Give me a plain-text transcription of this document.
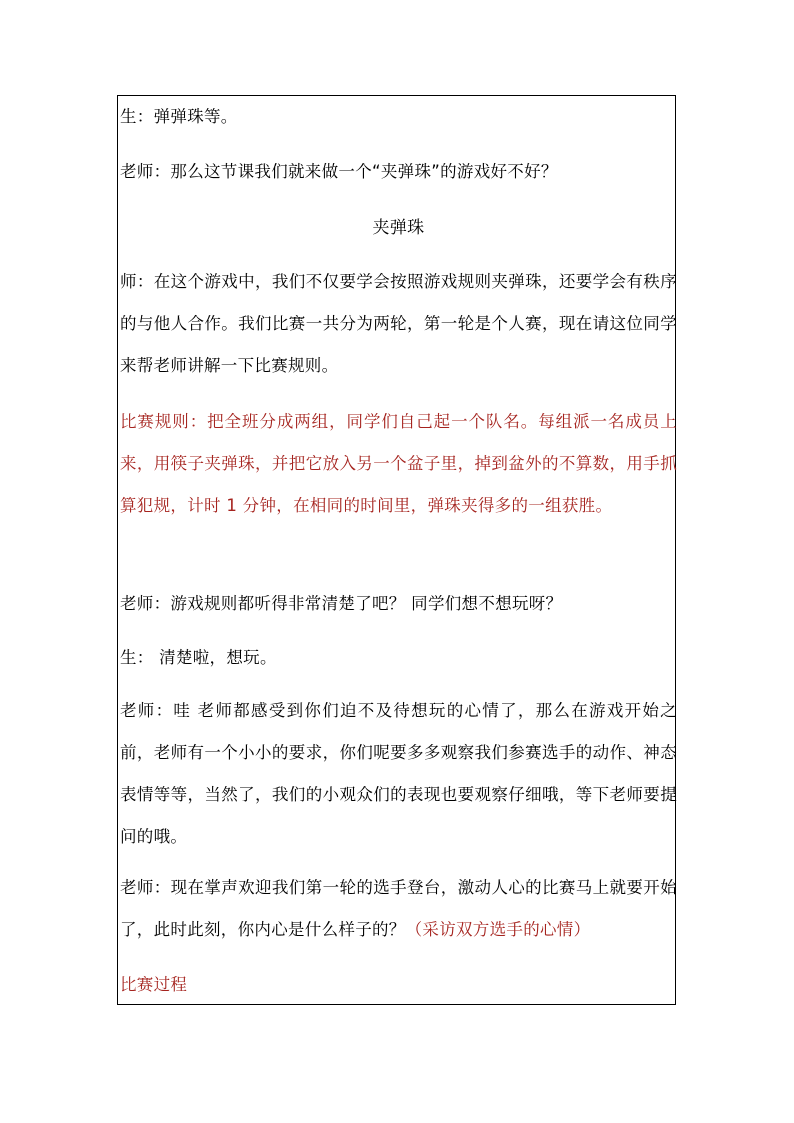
生：弹弹珠等。

老师：那么这节课我们就来做一个“夹弹珠”的游戏好不好？

夹弹珠

师：在这个游戏中，我们不仅要学会按照游戏规则夹弹珠，还要学会有秩序的与他人合作。我们比赛一共分为两轮，第一轮是个人赛，现在请这位同学来帮老师讲解一下比赛规则。

比赛规则：把全班分成两组，同学们自己起一个队名。每组派一名成员上来，用筷子夹弹珠，并把它放入另一个盆子里，掉到盆外的不算数，用手抓算犯规，计时 1 分钟，在相同的时间里，弹珠夹得多的一组获胜。

老师：游戏规则都听得非常清楚了吧？ 同学们想不想玩呀？

生： 清楚啦，想玩。

老师：哇 老师都感受到你们迫不及待想玩的心情了，那么在游戏开始之前，老师有一个小小的要求，你们呢要多多观察我们参赛选手的动作、神态表情等等，当然了，我们的小观众们的表现也要观察仔细哦，等下老师要提问的哦。

老师：现在掌声欢迎我们第一轮的选手登台，激动人心的比赛马上就要开始了，此时此刻，你内心是什么样子的？（采访双方选手的心情）

比赛过程
